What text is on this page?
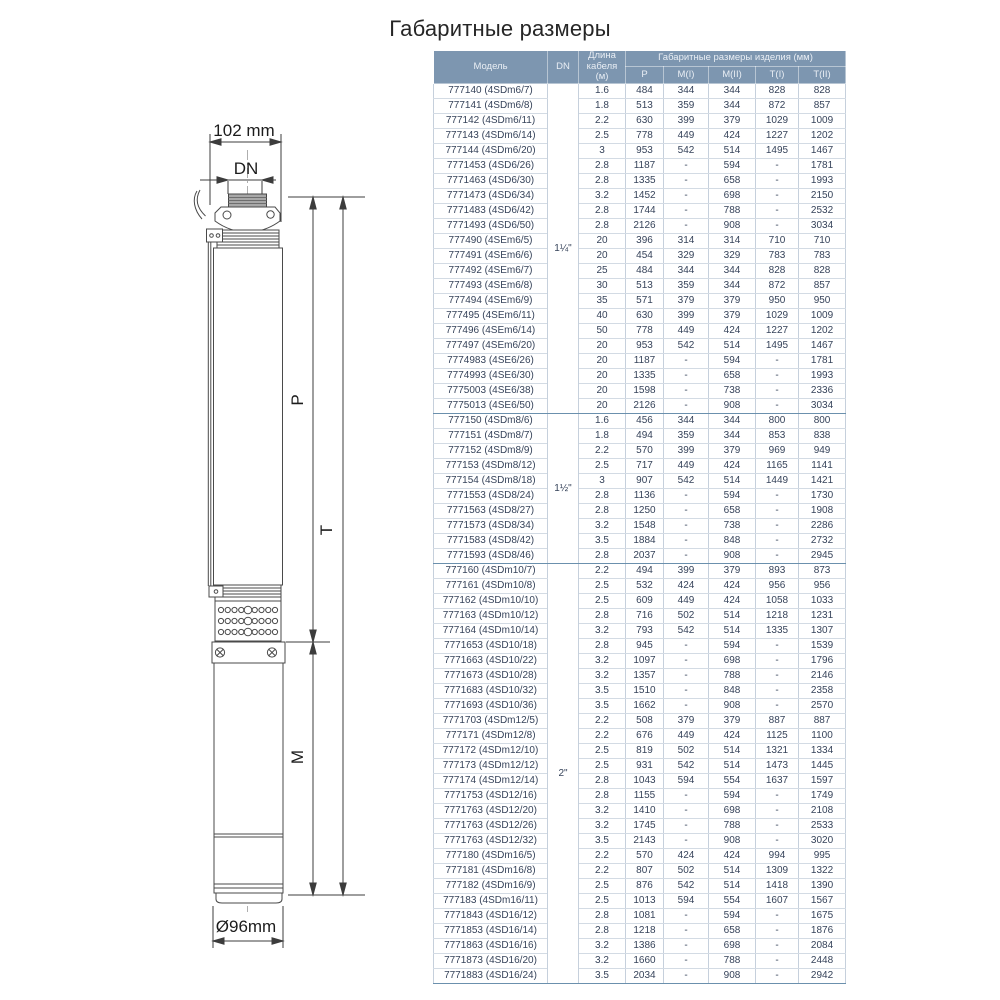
Габаритные размеры
102 mm
DN
P
T
M
Ø96mm
Модель	DN	Длина кабеля (м)	Габаритные размеры изделия (мм)				
			P	M(I)	M(II)	T(I)	T(II)
777140 (4SDm6/7)	1¼"	1.6	484	344	344	828	828
777141 (4SDm6/8)		1.8	513	359	344	872	857
777142 (4SDm6/11)		2.2	630	399	379	1029	1009
777143 (4SDm6/14)		2.5	778	449	424	1227	1202
777144 (4SDm6/20)		3	953	542	514	1495	1467
7771453 (4SD6/26)		2.8	1187	-	594	-	1781
7771463 (4SD6/30)		2.8	1335	-	658	-	1993
7771473 (4SD6/34)		3.2	1452	-	698	-	2150
7771483 (4SD6/42)		2.8	1744	-	788	-	2532
7771493 (4SD6/50)		2.8	2126	-	908	-	3034
777490 (4SEm6/5)		20	396	314	314	710	710
777491 (4SEm6/6)		20	454	329	329	783	783
777492 (4SEm6/7)		25	484	344	344	828	828
777493 (4SEm6/8)		30	513	359	344	872	857
777494 (4SEm6/9)		35	571	379	379	950	950
777495 (4SEm6/11)		40	630	399	379	1029	1009
777496 (4SEm6/14)		50	778	449	424	1227	1202
777497 (4SEm6/20)		20	953	542	514	1495	1467
7774983 (4SE6/26)		20	1187	-	594	-	1781
7774993 (4SE6/30)		20	1335	-	658	-	1993
7775003 (4SE6/38)		20	1598	-	738	-	2336
7775013 (4SE6/50)		20	2126	-	908	-	3034
777150 (4SDm8/6)	1½"	1.6	456	344	344	800	800
777151 (4SDm8/7)		1.8	494	359	344	853	838
777152 (4SDm8/9)		2.2	570	399	379	969	949
777153 (4SDm8/12)		2.5	717	449	424	1165	1141
777154 (4SDm8/18)		3	907	542	514	1449	1421
7771553 (4SD8/24)		2.8	1136	-	594	-	1730
7771563 (4SD8/27)		2.8	1250	-	658	-	1908
7771573 (4SD8/34)		3.2	1548	-	738	-	2286
7771583 (4SD8/42)		3.5	1884	-	848	-	2732
7771593 (4SD8/46)		2.8	2037	-	908	-	2945
777160 (4SDm10/7)	2"	2.2	494	399	379	893	873
777161 (4SDm10/8)		2.5	532	424	424	956	956
777162 (4SDm10/10)		2.5	609	449	424	1058	1033
777163 (4SDm10/12)		2.8	716	502	514	1218	1231
777164 (4SDm10/14)		3.2	793	542	514	1335	1307
7771653 (4SD10/18)		2.8	945	-	594	-	1539
7771663 (4SD10/22)		3.2	1097	-	698	-	1796
7771673 (4SD10/28)		3.2	1357	-	788	-	2146
7771683 (4SD10/32)		3.5	1510	-	848	-	2358
7771693 (4SD10/36)		3.5	1662	-	908	-	2570
7771703 (4SDm12/5)		2.2	508	379	379	887	887
777171 (4SDm12/8)		2.2	676	449	424	1125	1100
777172 (4SDm12/10)		2.5	819	502	514	1321	1334
777173 (4SDm12/12)		2.5	931	542	514	1473	1445
777174 (4SDm12/14)		2.8	1043	594	554	1637	1597
7771753 (4SD12/16)		2.8	1155	-	594	-	1749
7771763 (4SD12/20)		3.2	1410	-	698	-	2108
7771763 (4SD12/26)		3.2	1745	-	788	-	2533
7771763 (4SD12/32)		3.5	2143	-	908	-	3020
777180 (4SDm16/5)		2.2	570	424	424	994	995
777181 (4SDm16/8)		2.2	807	502	514	1309	1322
777182 (4SDm16/9)		2.5	876	542	514	1418	1390
777183 (4SDm16/11)		2.5	1013	594	554	1607	1567
7771843 (4SD16/12)		2.8	1081	-	594	-	1675
7771853 (4SD16/14)		2.8	1218	-	658	-	1876
7771863 (4SD16/16)		3.2	1386	-	698	-	2084
7771873 (4SD16/20)		3.2	1660	-	788	-	2448
7771883 (4SD16/24)		3.5	2034	-	908	-	2942
